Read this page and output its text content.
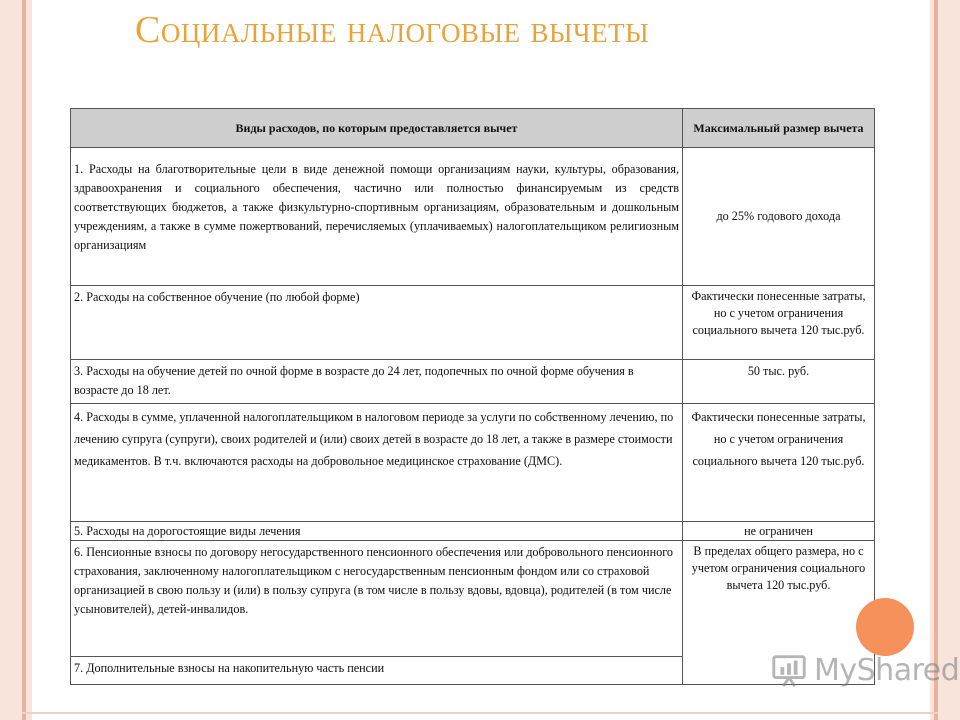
Социальные налоговые вычеты
Виды расходов, по которым предоставляется вычет	Максимальный размер вычета
1. Расходы на благотворительные цели в виде денежной помощи организациям науки, культуры, образования, здравоохранения и социального обеспечения, частично или полностью финансируемым из средств соответствующих бюджетов, а также физкультурно-спортивным организациям, образовательным и дошкольным учреждениям, а также в сумме пожертвований, перечисляемых (уплачиваемых) налогоплательщиком религиозным организациям	до 25% годового дохода
2. Расходы на собственное обучение (по любой форме)	Фактически понесенные затраты, но с учетом ограничения социального вычета 120 тыс.руб.
3. Расходы на обучение детей по очной форме в возрасте до 24 лет, подопечных по очной форме обучения в возрасте до 18 лет.	50 тыс. руб.
4. Расходы в сумме, уплаченной налогоплательщиком в налоговом периоде за услуги по собственному лечению, по лечению супруга (супруги), своих родителей и (или) своих детей в возрасте до 18 лет, а также в размере стоимости медикаментов. В т.ч. включаются расходы на добровольное медицинское страхование (ДМС).	Фактически понесенные затраты, но с учетом ограничения социального вычета 120 тыс.руб.
5. Расходы на дорогостоящие виды лечения	не ограничен
6. Пенсионные взносы по договору негосударственного пенсионного обеспечения или добровольного пенсионного страхования, заключенному налогоплательщиком с негосударственным пенсионным фондом или со страховой организацией в свою пользу и (или) в пользу супруга (в том числе в пользу вдовы, вдовца), родителей (в том числе усыновителей), детей-инвалидов.	В пределах общего размера, но с учетом ограничения социального вычета 120 тыс.руб.
7. Дополнительные взносы на накопительную часть пенсии		MyShared
